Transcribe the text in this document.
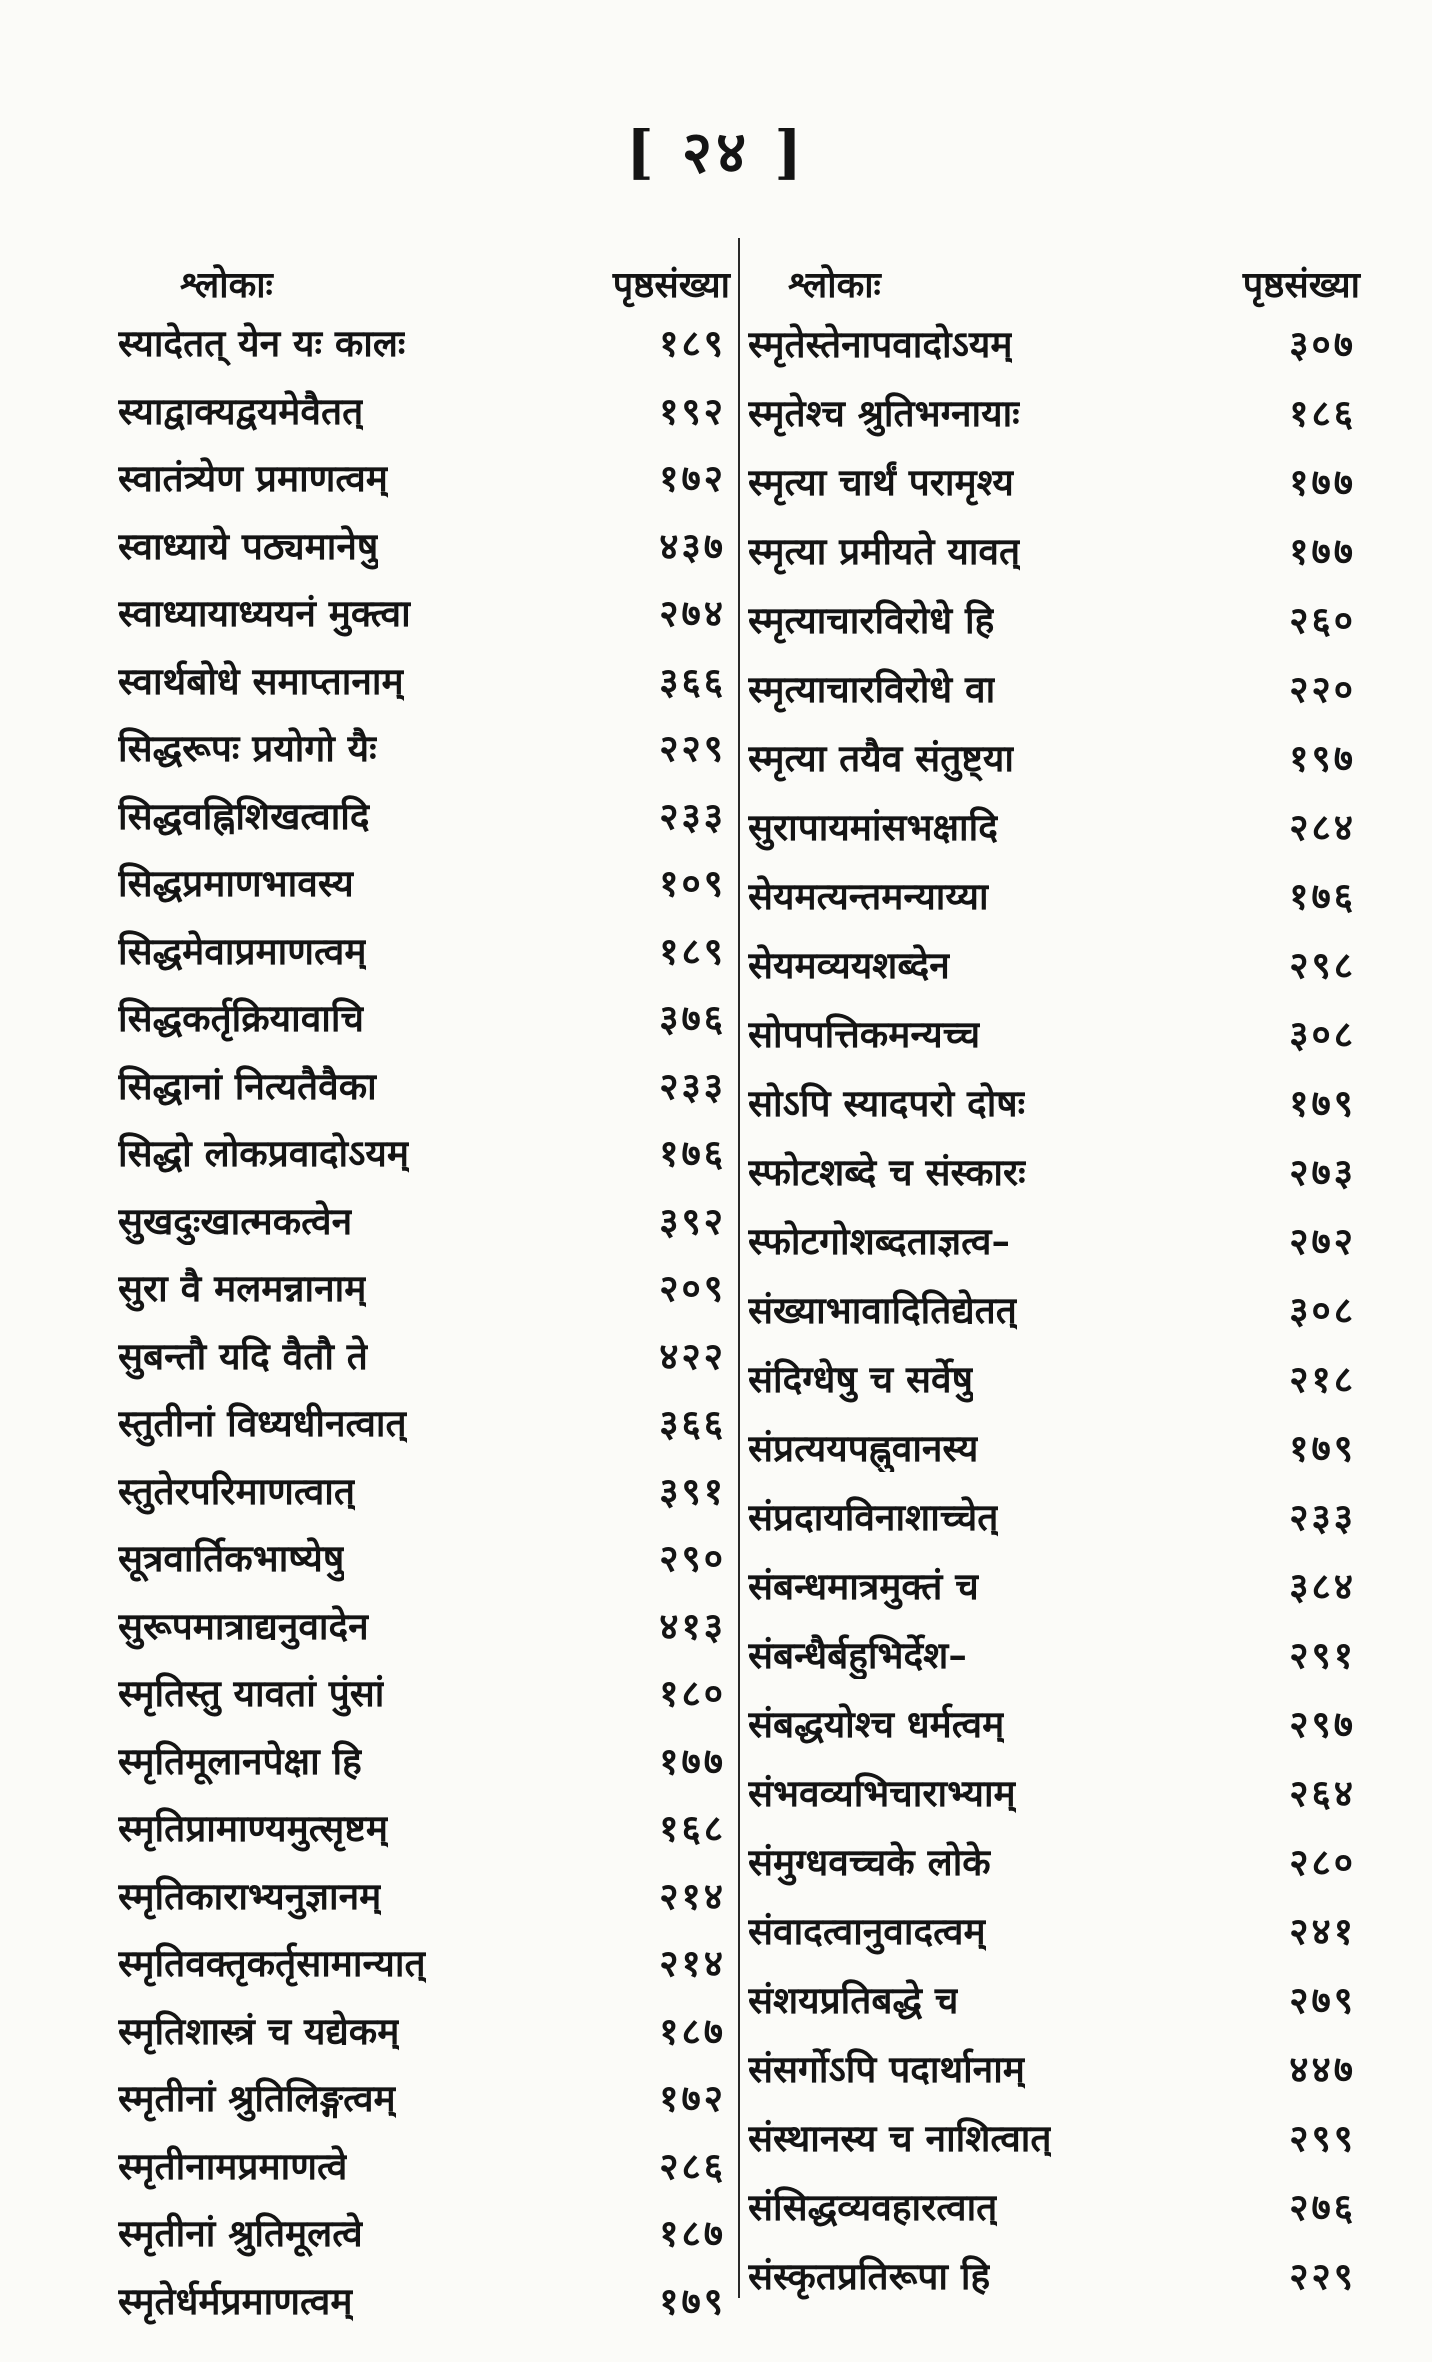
[ २४ ]
श्लोकाः	पृष्ठसंख्या
स्यादेतत् येन यः कालः	१८९
स्याद्वाक्यद्वयमेवैतत्	१९२
स्वातंत्र्येण प्रमाणत्वम्	१७२
स्वाध्याये पठ्यमानेषु	४३७
स्वाध्यायाध्ययनं मुक्त्वा	२७४
स्वार्थबोधे समाप्तानाम्	३६६
सिद्धरूपः प्रयोगो यैः	२२९
सिद्धवह्निशिखत्वादि	२३३
सिद्धप्रमाणभावस्य	१०९
सिद्धमेवाप्रमाणत्वम्	१८९
सिद्धकर्तृक्रियावाचि	३७६
सिद्धानां नित्यतैवैका	२३३
सिद्धो लोकप्रवादोऽयम्	१७६
सुखदुःखात्मकत्वेन	३९२
सुरा वै मलमन्नानाम्	२०९
सुबन्तौ यदि वैतौ ते	४२२
स्तुतीनां विध्यधीनत्वात्	३६६
स्तुतेरपरिमाणत्वात्	३९१
सूत्रवार्तिकभाष्येषु	२९०
सुरूपमात्राद्यनुवादेन	४१३
स्मृतिस्तु यावतां पुंसां	१८०
स्मृतिमूलानपेक्षा हि	१७७
स्मृतिप्रामाण्यमुत्सृष्टम्	१६८
स्मृतिकाराभ्यनुज्ञानम्	२१४
स्मृतिवक्तृकर्तृसामान्यात्	२१४
स्मृतिशास्त्रं च यद्येकम्	१८७
स्मृतीनां श्रुतिलिङ्गत्वम्	१७२
स्मृतीनामप्रमाणत्वे	२८६
स्मृतीनां श्रुतिमूलत्वे	१८७
स्मृतेर्धर्मप्रमाणत्वम्	१७९
श्लोकाः	पृष्ठसंख्या
स्मृतेस्तेनापवादोऽयम्	३०७
स्मृतेश्च श्रुतिभग्नायाः	१८६
स्मृत्या चार्थं परामृश्य	१७७
स्मृत्या प्रमीयते यावत्	१७७
स्मृत्याचारविरोधे हि	२६०
स्मृत्याचारविरोधे वा	२२०
स्मृत्या तयैव संतुष्ट्या	१९७
सुरापायमांसभक्षादि	२८४
सेयमत्यन्तमन्याय्या	१७६
सेयमव्ययशब्देन	२९८
सोपपत्तिकमन्यच्च	३०८
सोऽपि स्यादपरो दोषः	१७९
स्फोटशब्दे च संस्कारः	२७३
स्फोटगोशब्दताज्ञत्व–	२७२
संख्याभावादितिद्येतत्	३०८
संदिग्धेषु च सर्वेषु	२१८
संप्रत्ययपह्नुवानस्य	१७९
संप्रदायविनाशाच्चेत्	२३३
संबन्धमात्रमुक्तं च	३८४
संबन्धैर्बहुभिर्देश–	२९१
संबद्धयोश्च धर्मत्वम्	२९७
संभवव्यभिचाराभ्याम्	२६४
संमुग्धवच्चके लोके	२८०
संवादत्वानुवादत्वम्	२४१
संशयप्रतिबद्धे च	२७९
संसर्गोऽपि पदार्थानाम्	४४७
संस्थानस्य च नाशित्वात्	२९९
संसिद्धव्यवहारत्वात्	२७६
संस्कृतप्रतिरूपा हि	२२९
